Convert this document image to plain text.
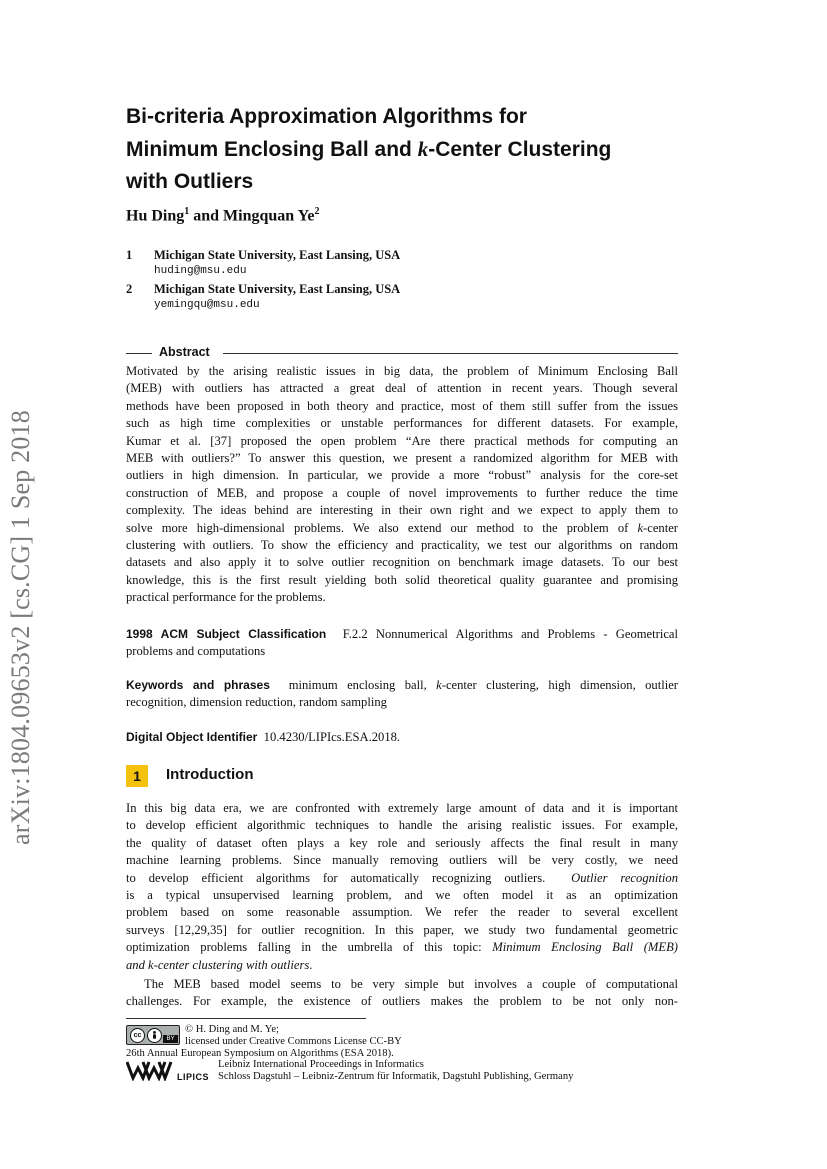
arXiv:1804.09653v2 [cs.CG] 1 Sep 2018
Bi-criteria Approximation Algorithms for
Minimum Enclosing Ball and k-Center Clustering
with Outliers
Hu Ding$^1$ and Mingquan Ye$^2$
1 Michigan State University, East Lansing, USA
huding@msu.edu
2 Michigan State University, East Lansing, USA
yemingqu@msu.edu
Abstract
Motivated by the arising realistic issues in big data, the problem of Minimum Enclosing Ball
(MEB) with outliers has attracted a great deal of attention in recent years. Though several
methods have been proposed in both theory and practice, most of them still suffer from the issues
such as high time complexities or unstable performances for different datasets. For example,
Kumar et al. [37] proposed the open problem “Are there practical methods for computing an
MEB with outliers?” To answer this question, we present a randomized algorithm for MEB with
outliers in high dimension. In particular, we provide a more “robust” analysis for the core-set
construction of MEB, and propose a couple of novel improvements to further reduce the time
complexity. The ideas behind are interesting in their own right and we expect to apply them to
solve more high-dimensional problems. We also extend our method to the problem of k-center
clustering with outliers. To show the efficiency and practicality, we test our algorithms on random
datasets and also apply it to solve outlier recognition on benchmark image datasets. To our best
knowledge, this is the first result yielding both solid theoretical quality guarantee and promising
practical performance for the problems.
1998 ACM Subject Classification F.2.2 Nonnumerical Algorithms and Problems - Geometrical
problems and computations
Keywords and phrases minimum enclosing ball, k-center clustering, high dimension, outlier
recognition, dimension reduction, random sampling
Digital Object Identifier 10.4230/LIPIcs.ESA.2018.
1	Introduction
In this big data era, we are confronted with extremely large amount of data and it is important
to develop efficient algorithmic techniques to handle the arising realistic issues. For example,
the quality of dataset often plays a key role and seriously affects the final result in many
machine learning problems. Since manually removing outliers will be very costly, we need
to develop efficient algorithms for automatically recognizing outliers.  Outlier recognition
is a typical unsupervised learning problem, and we often model it as an optimization
problem based on some reasonable assumption. We refer the reader to several excellent
surveys [12,29,35] for outlier recognition. In this paper, we study two fundamental geometric
optimization problems falling in the umbrella of this topic: Minimum Enclosing Ball (MEB)
and k-center clustering with outliers.
The MEB based model seems to be very simple but involves a couple of computational
challenges. For example, the existence of outliers makes the problem to be not only non-
cc	BY
© H. Ding and M. Ye;
licensed under Creative Commons License CC-BY
26th Annual European Symposium on Algorithms (ESA 2018).
Leibniz International Proceedings in Informatics
Schloss Dagstuhl – Leibniz-Zentrum für Informatik, Dagstuhl Publishing, Germany
LIPICS
